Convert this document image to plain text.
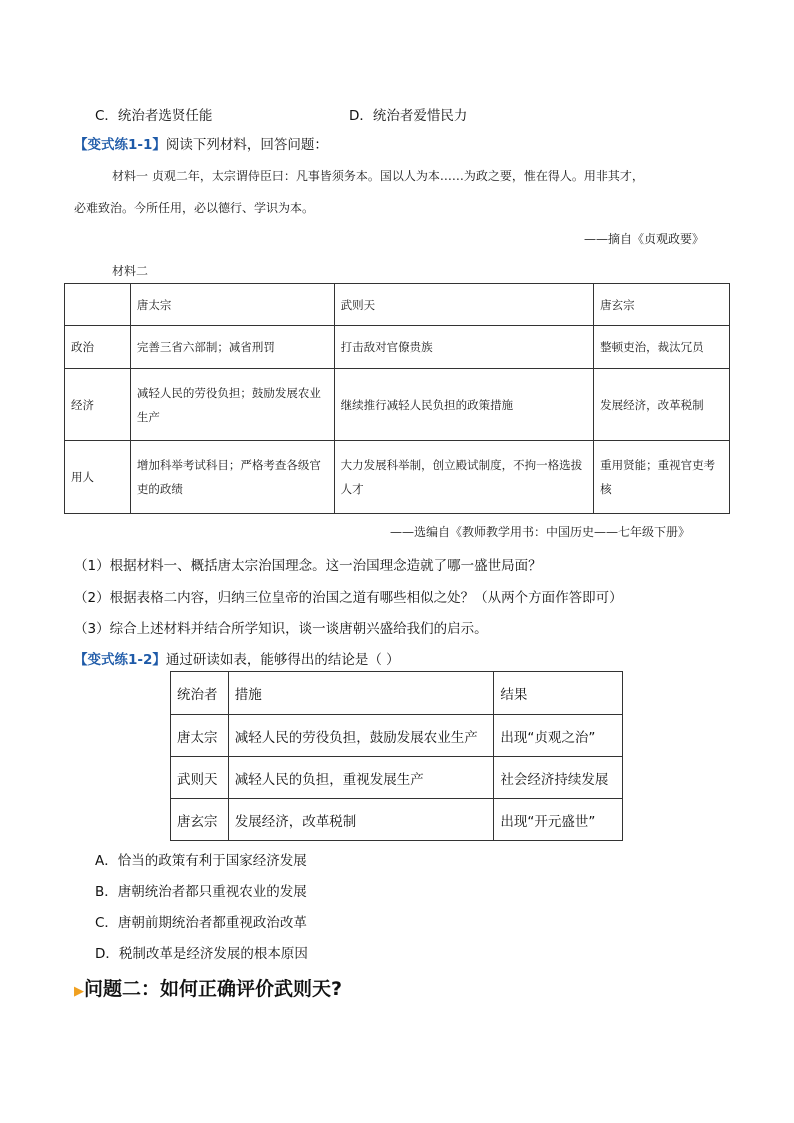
C．统治者选贤任能	D．统治者爱惜民力
【变式练1-1】阅读下列材料，回答问题：
材料一 贞观二年，太宗谓侍臣曰：凡事皆须务本。国以人为本……为政之要，惟在得人。用非其才，
必难致治。今所任用，必以德行、学识为本。
——摘自《贞观政要》
材料二
	唐太宗	武则天	唐玄宗
政治	完善三省六部制；减省刑罚	打击敌对官僚贵族	整顿吏治，裁汰冗员
经济	减轻人民的劳役负担；鼓励发展农业生产	继续推行减轻人民负担的政策措施	发展经济，改革税制
用人	增加科举考试科目；严格考查各级官吏的政绩	大力发展科举制，创立殿试制度，不拘一格选拔人才	重用贤能；重视官吏考核
——选编自《教师教学用书：中国历史——七年级下册》
（1）根据材料一、概括唐太宗治国理念。这一治国理念造就了哪一盛世局面？
（2）根据表格二内容，归纳三位皇帝的治国之道有哪些相似之处？（从两个方面作答即可）
（3）综合上述材料并结合所学知识，谈一谈唐朝兴盛给我们的启示。
【变式练1-2】通过研读如表，能够得出的结论是（ ）
统治者	措施	结果
唐太宗	减轻人民的劳役负担，鼓励发展农业生产	出现“贞观之治”
武则天	减轻人民的负担，重视发展生产	社会经济持续发展
唐玄宗	发展经济，改革税制	出现“开元盛世”
A．恰当的政策有利于国家经济发展
B．唐朝统治者都只重视农业的发展
C．唐朝前期统治者都重视政治改革
D．税制改革是经济发展的根本原因
▶问题二：如何正确评价武则天?
